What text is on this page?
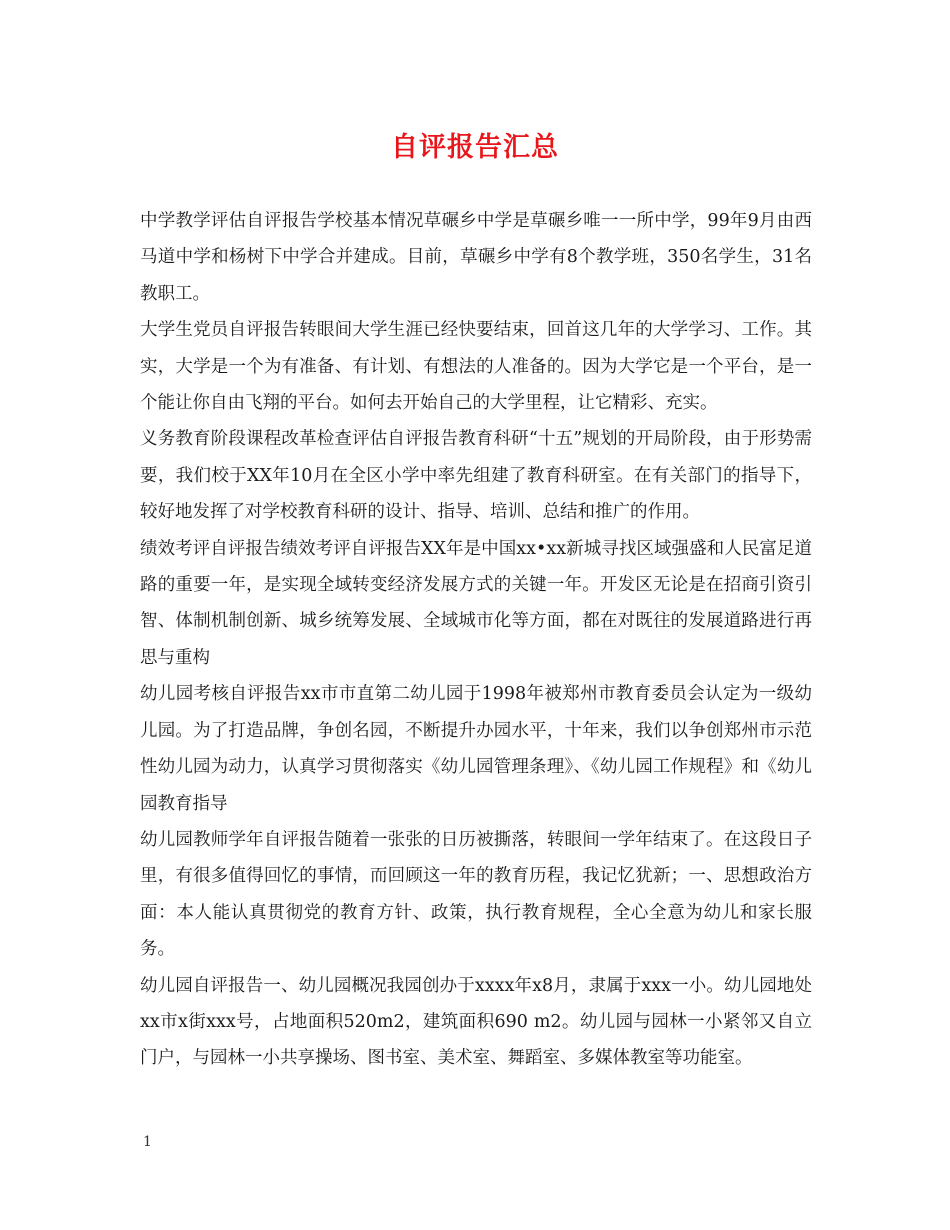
自评报告汇总

中学教学评估自评报告学校基本情况草碾乡中学是草碾乡唯一一所中学，99年9月由西马道中学和杨树下中学合并建成。目前，草碾乡中学有8个教学班，350名学生，31名教职工。

大学生党员自评报告转眼间大学生涯已经快要结束，回首这几年的大学学习、工作。其实，大学是一个为有准备、有计划、有想法的人准备的。因为大学它是一个平台，是一个能让你自由飞翔的平台。如何去开始自己的大学里程，让它精彩、充实。

义务教育阶段课程改革检查评估自评报告教育科研“十五”规划的开局阶段，由于形势需要，我们校于XX年10月在全区小学中率先组建了教育科研室。在有关部门的指导下，较好地发挥了对学校教育科研的设计、指导、培训、总结和推广的作用。

绩效考评自评报告绩效考评自评报告XX年是中国xx•xx新城寻找区域强盛和人民富足道路的重要一年，是实现全域转变经济发展方式的关键一年。开发区无论是在招商引资引智、体制机制创新、城乡统筹发展、全域城市化等方面，都在对既往的发展道路进行再思与重构

幼儿园考核自评报告xx市市直第二幼儿园于1998年被郑州市教育委员会认定为一级幼儿园。为了打造品牌，争创名园，不断提升办园水平，十年来，我们以争创郑州市示范性幼儿园为动力，认真学习贯彻落实《幼儿园管理条理》、《幼儿园工作规程》和《幼儿园教育指导

幼儿园教师学年自评报告随着一张张的日历被撕落，转眼间一学年结束了。在这段日子里，有很多值得回忆的事情，而回顾这一年的教育历程，我记忆犹新；一、思想政治方面：本人能认真贯彻党的教育方针、政策，执行教育规程，全心全意为幼儿和家长服务。

幼儿园自评报告一、幼儿园概况我园创办于xxxx年x8月，隶属于xxx一小。幼儿园地处xx市x街xxx号，占地面积520m2，建筑面积690 m2。幼儿园与园林一小紧邻又自立门户，与园林一小共享操场、图书室、美术室、舞蹈室、多媒体教室等功能室。

1
